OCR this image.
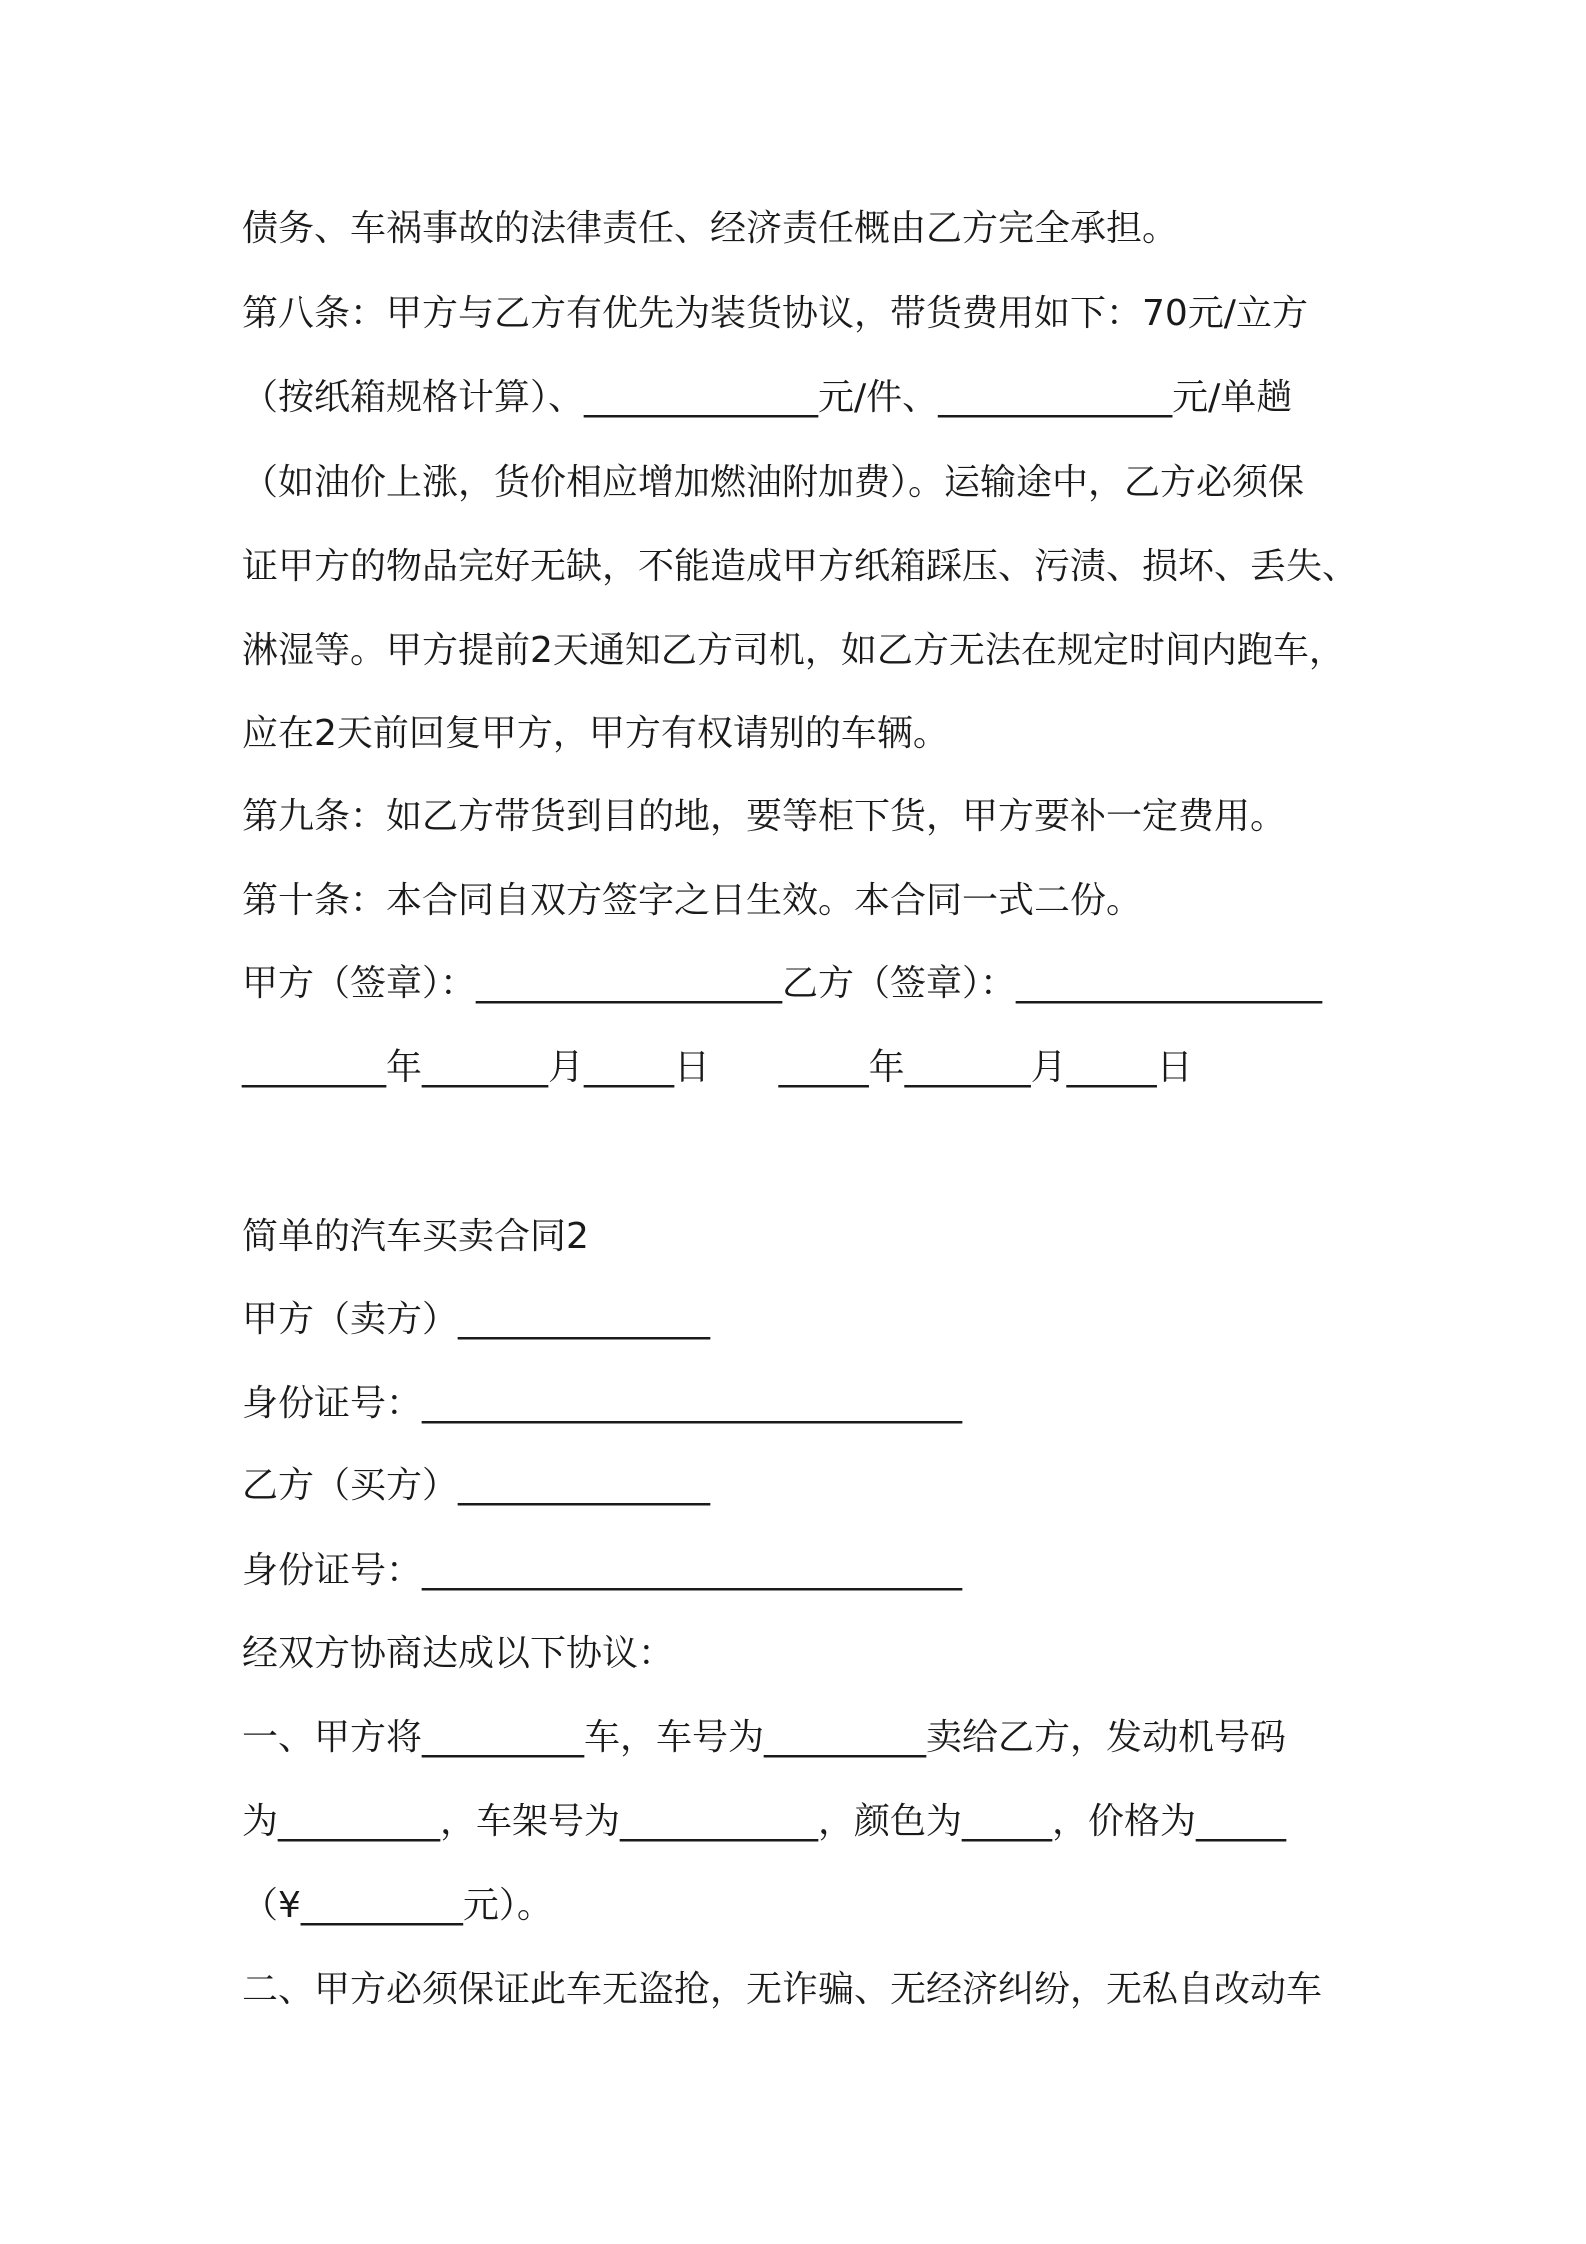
债务、车祸事故的法律责任、经济责任概由乙方完全承担。
第八条：甲方与乙方有优先为装货协议，带货费用如下：70元/立方
（按纸箱规格计算）、_____________元/件、_____________元/单趟
（如油价上涨，货价相应增加燃油附加费）。运输途中，乙方必须保
证甲方的物品完好无缺，不能造成甲方纸箱踩压、污渍、损坏、丢失、
淋湿等。甲方提前2天通知乙方司机，如乙方无法在规定时间内跑车，
应在2天前回复甲方，甲方有权请别的车辆。
第九条：如乙方带货到目的地，要等柜下货，甲方要补一定费用。
第十条：本合同自双方签字之日生效。本合同一式二份。
甲方（签章）：_________________乙方（签章）：_________________
________年_______月_____日      _____年_______月_____日
简单的汽车买卖合同2
甲方（卖方）______________
身份证号：______________________________
乙方（买方）______________
身份证号：______________________________
经双方协商达成以下协议：
一、甲方将_________车，车号为_________卖给乙方，发动机号码
为_________，车架号为___________，颜色为_____，价格为_____
（¥_________元）。
二、甲方必须保证此车无盗抢，无诈骗、无经济纠纷，无私自改动车
